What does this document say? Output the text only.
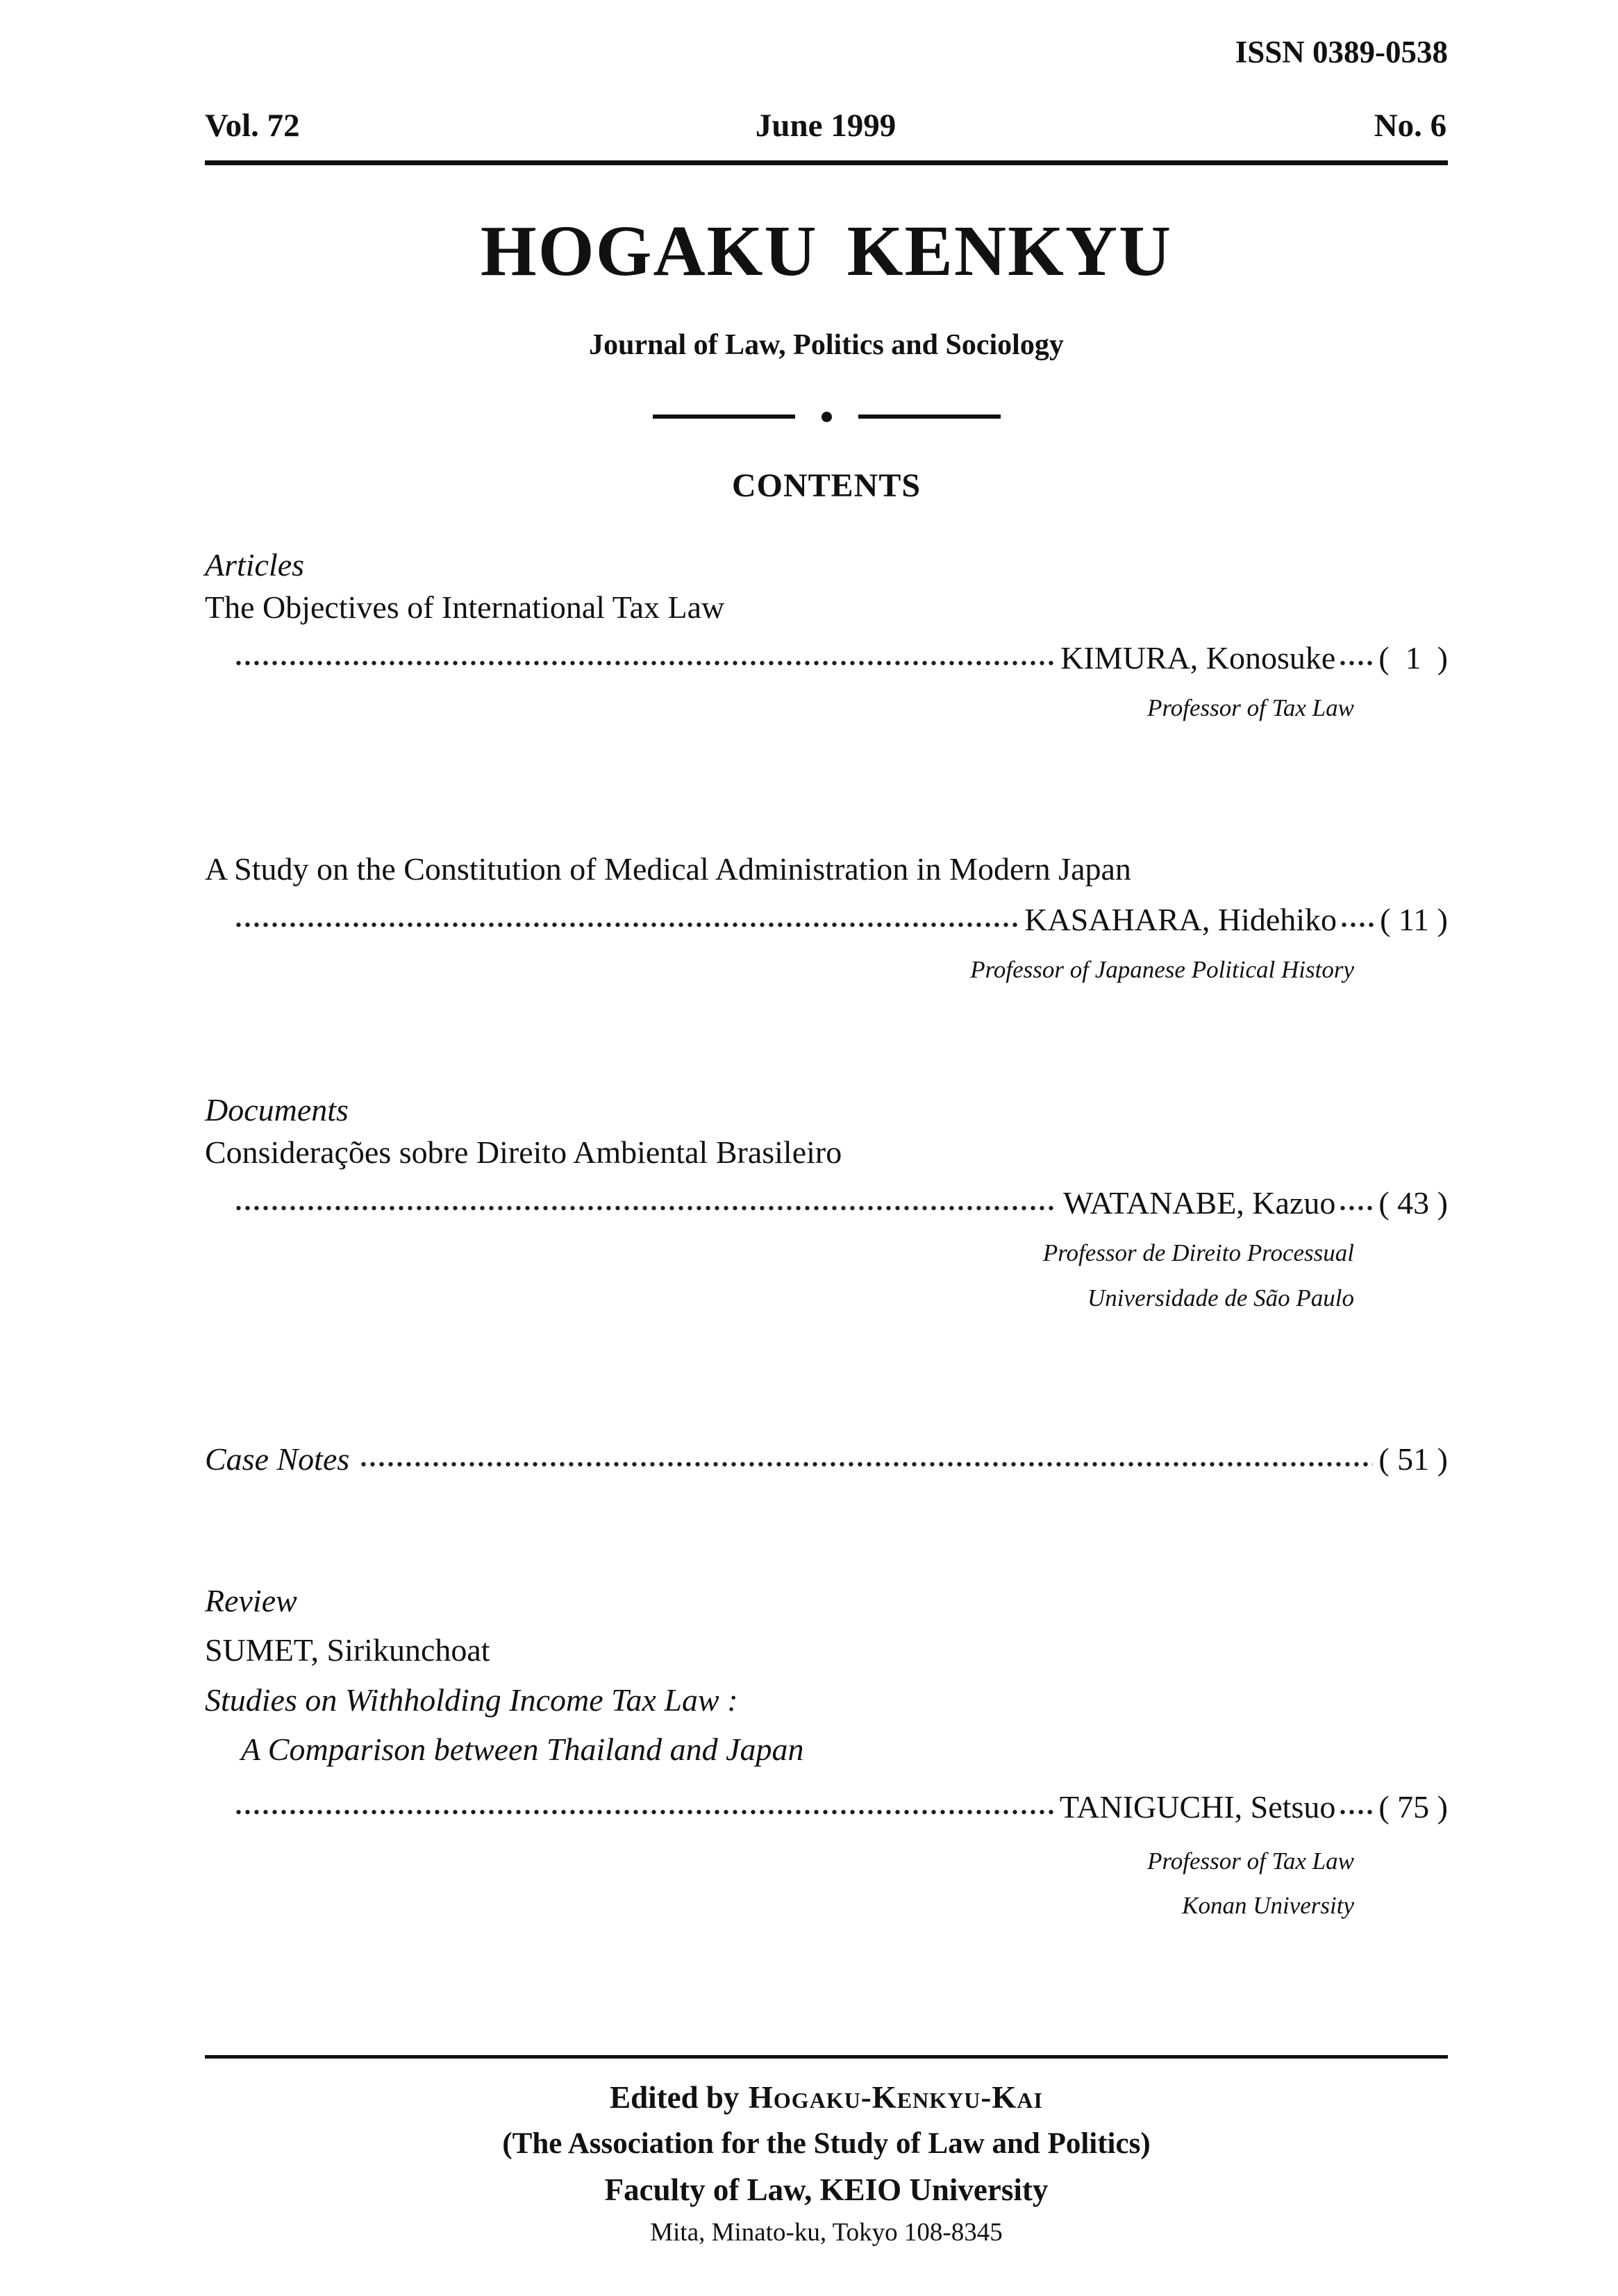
ISSN 0389-0538
Vol. 72	June 1999	No. 6
HOGAKU KENKYU
Journal of Law, Politics and Sociology
CONTENTS
Articles
The Objectives of International Tax Law
KIMURA, Konosuke (  1  )
Professor of Tax Law
A Study on the Constitution of Medical Administration in Modern Japan
KASAHARA, Hidehiko ( 11 )
Professor of Japanese Political History
Documents
Considerações sobre Direito Ambiental Brasileiro
WATANABE, Kazuo ( 43 )
Professor de Direito Processual
Universidade de São Paulo
Case Notes	( 51 )
Review
SUMET, Sirikunchoat
Studies on Withholding Income Tax Law :
A Comparison between Thailand and Japan
TANIGUCHI, Setsuo ( 75 )
Professor of Tax Law
Konan University
Edited by Hogaku-Kenkyu-Kai
(The Association for the Study of Law and Politics)
Faculty of Law, KEIO University
Mita, Minato-ku, Tokyo 108-8345
